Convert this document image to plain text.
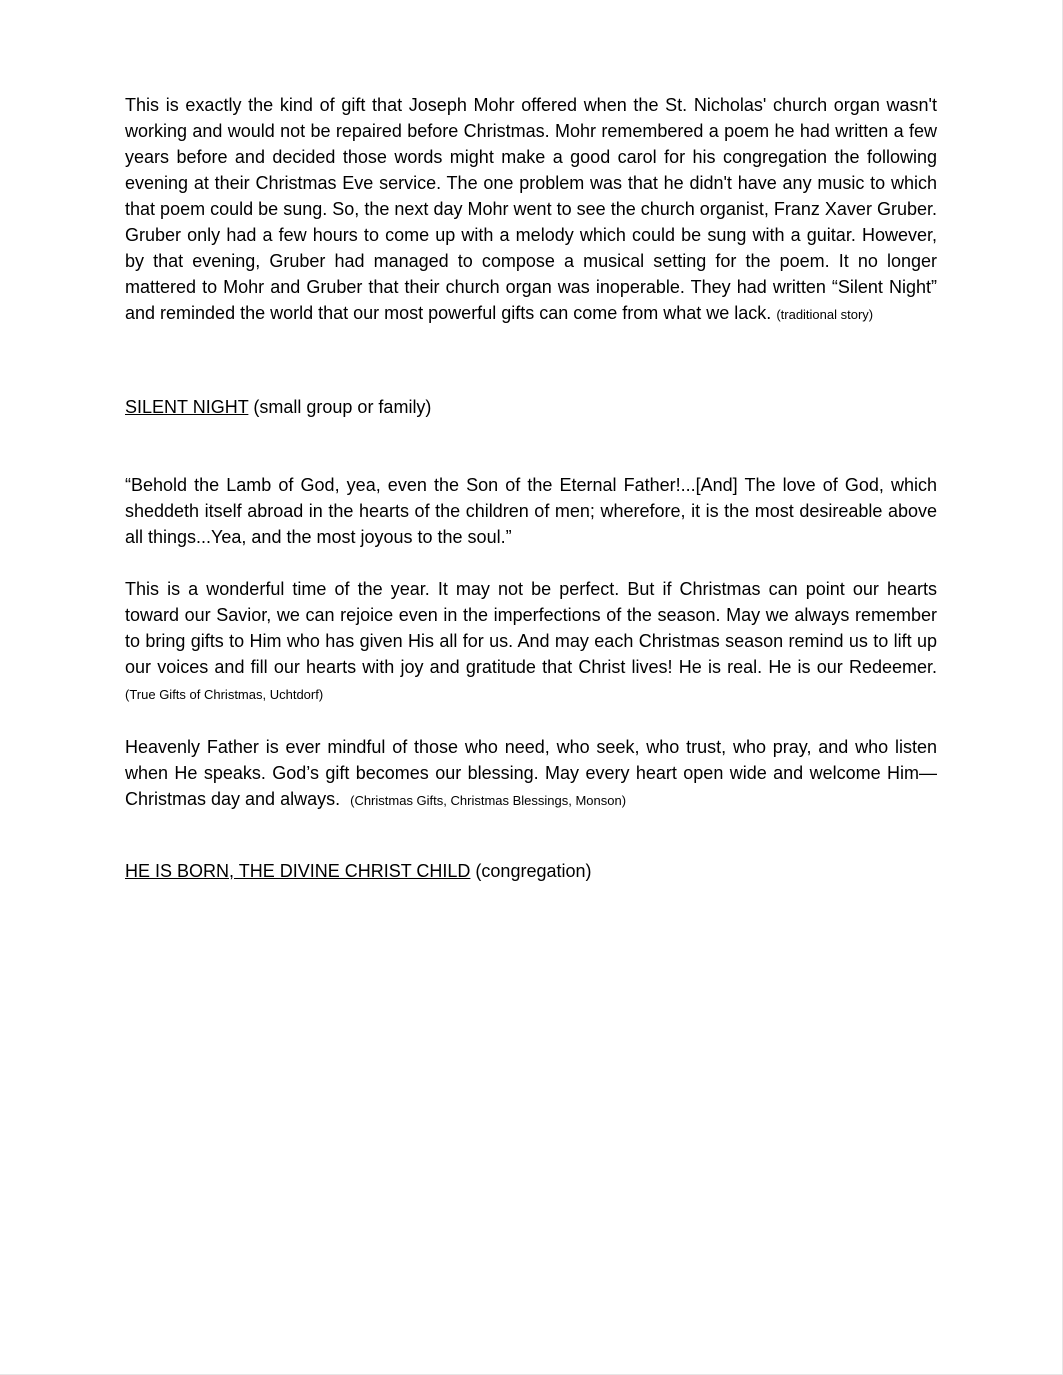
This is exactly the kind of gift that Joseph Mohr offered when the St. Nicholas' church organ wasn't working and would not be repaired before Christmas. Mohr remembered a poem he had written a few years before and decided those words might make a good carol for his congregation the following evening at their Christmas Eve service. The one problem was that he didn't have any music to which that poem could be sung. So, the next day Mohr went to see the church organist, Franz Xaver Gruber. Gruber only had a few hours to come up with a melody which could be sung with a guitar. However, by that evening, Gruber had managed to compose a musical setting for the poem. It no longer mattered to Mohr and Gruber that their church organ was inoperable. They had written “Silent Night” and reminded the world that our most powerful gifts can come from what we lack. (traditional story)

SILENT NIGHT (small group or family)

“Behold the Lamb of God, yea, even the Son of the Eternal Father!...[And] The love of God, which sheddeth itself abroad in the hearts of the children of men; wherefore, it is the most desireable above all things...Yea, and the most joyous to the soul.”

This is a wonderful time of the year. It may not be perfect. But if Christmas can point our hearts toward our Savior, we can rejoice even in the imperfections of the season. May we always remember to bring gifts to Him who has given His all for us. And may each Christmas season remind us to lift up our voices and fill our hearts with joy and gratitude that Christ lives! He is real. He is our Redeemer. (True Gifts of Christmas, Uchtdorf)

Heavenly Father is ever mindful of those who need, who seek, who trust, who pray, and who listen when He speaks. God’s gift becomes our blessing. May every heart open wide and welcome Him—Christmas day and always. (Christmas Gifts, Christmas Blessings, Monson)

HE IS BORN, THE DIVINE CHRIST CHILD (congregation)
